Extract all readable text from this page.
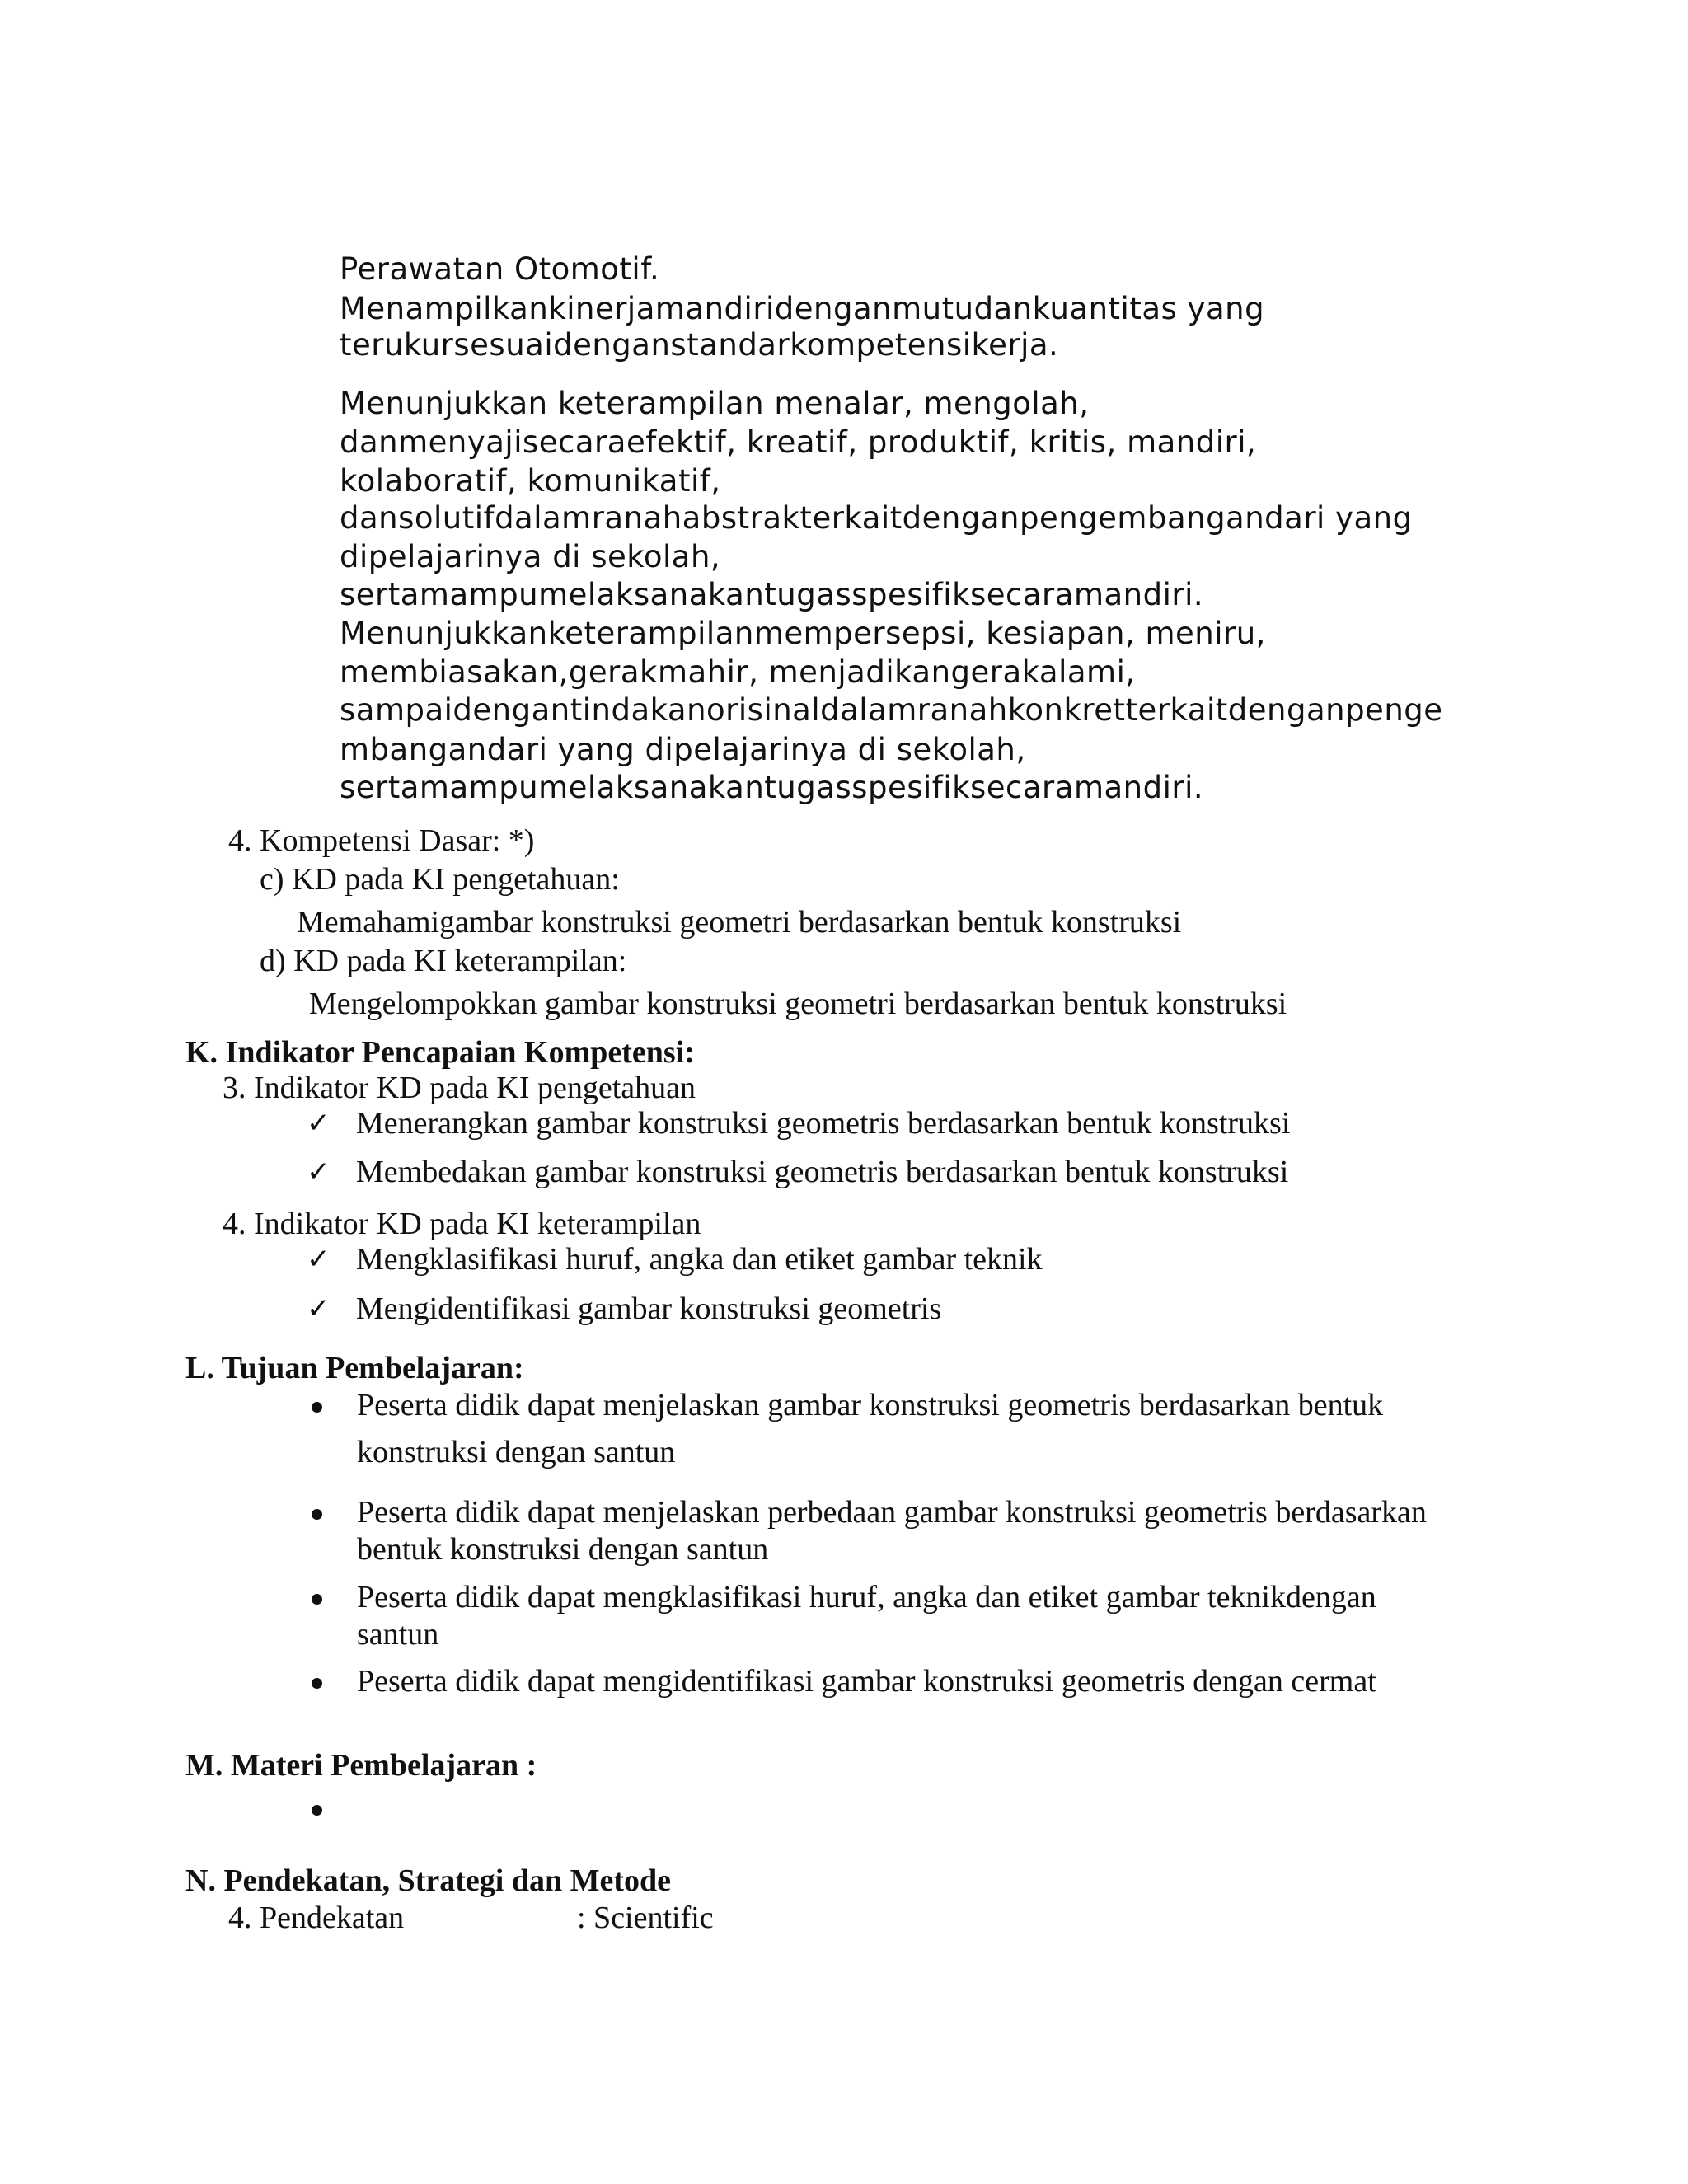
Perawatan Otomotif.

Menampilkankinerjamandiridenganmutudankuantitas yang

terukursesuaidenganstandarkompetensikerja.

Menunjukkan keterampilan menalar, mengolah,

danmenyajisecaraefektif, kreatif, produktif, kritis, mandiri,

kolaboratif, komunikatif,

dansolutifdalamranahabstrakterkaitdenganpengembangandari yang

dipelajarinya di sekolah,

sertamampumelaksanakantugasspesifiksecaramandiri.

Menunjukkanketerampilanmempersepsi, kesiapan, meniru,

membiasakan,gerakmahir, menjadikangerakalami,

sampaidengantindakanorisinaldalamranahkonkretterkaitdenganpenge

mbangandari yang dipelajarinya di sekolah,

sertamampumelaksanakantugasspesifiksecaramandiri.

4. Kompetensi Dasar: *)

c) KD pada KI pengetahuan:

Memahamigambar konstruksi geometri berdasarkan bentuk konstruksi

d) KD pada KI keterampilan:

Mengelompokkan gambar konstruksi geometri berdasarkan bentuk konstruksi

K. Indikator Pencapaian Kompetensi:

3. Indikator KD pada KI pengetahuan

✓ Menerangkan gambar konstruksi geometris berdasarkan bentuk konstruksi

✓ Membedakan gambar konstruksi geometris berdasarkan bentuk konstruksi

4. Indikator KD pada KI keterampilan

✓ Mengklasifikasi huruf, angka dan etiket gambar teknik

✓ Mengidentifikasi gambar konstruksi geometris

L. Tujuan Pembelajaran:

Peserta didik dapat menjelaskan gambar konstruksi geometris berdasarkan bentuk

konstruksi dengan santun

Peserta didik dapat menjelaskan perbedaan gambar konstruksi geometris berdasarkan

bentuk konstruksi dengan santun

Peserta didik dapat mengklasifikasi huruf, angka dan etiket gambar teknikdengan

santun

Peserta didik dapat mengidentifikasi gambar konstruksi geometris dengan cermat

M. Materi Pembelajaran :

N. Pendekatan, Strategi dan Metode

4. Pendekatan	: Scientific
